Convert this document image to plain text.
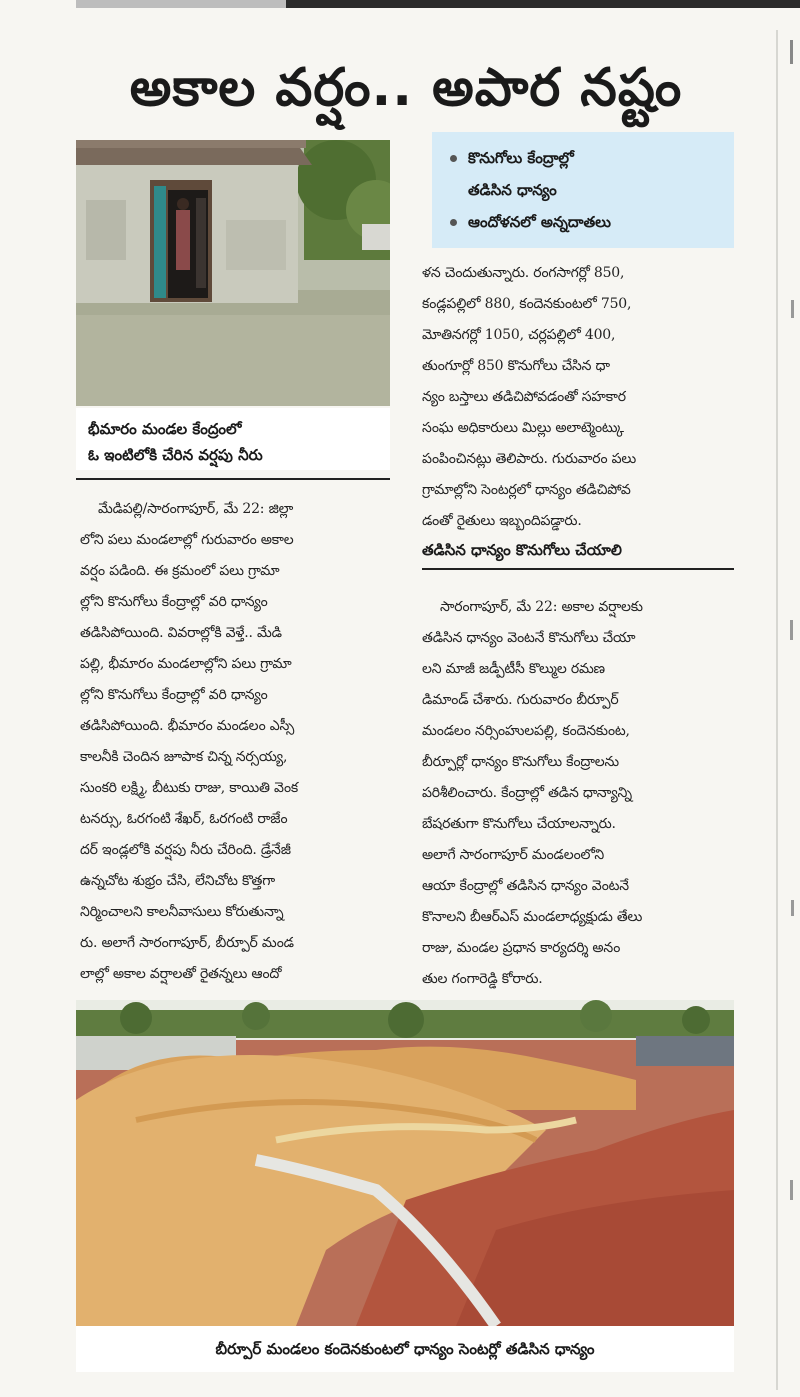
అకాల వర్షం.. అపార నష్టం
భీమారం మండల కేంద్రంలో
ఓ ఇంటిలోకి చేరిన వర్షపు నీరు
కొనుగోలు కేంద్రాల్లో
తడిసిన ధాన్యం
ఆందోళనలో అన్నదాతలు
మేడిపల్లి/సారంగాపూర్, మే 22: జిల్లా
లోని పలు మండలాల్లో గురువారం అకాల
వర్షం పడింది. ఈ క్రమంలో పలు గ్రామా
ల్లోని కొనుగోలు కేంద్రాల్లో వరి ధాన్యం
తడిసిపోయింది. వివరాల్లోకి వెళ్తే.. మేడి
పల్లి, భీమారం మండలాల్లోని పలు గ్రామా
ల్లోని కొనుగోలు కేంద్రాల్లో వరి ధాన్యం
తడిసిపోయింది. భీమారం మండలం ఎస్సీ
కాలనీకి చెందిన జూపాక చిన్న నర్సయ్య,
సుంకరి లక్ష్మి, బీటుకు రాజు, కాయితి వెంక
టనర్సు, ఓరగంటి శేఖర్, ఓరగంటి రాజేం
దర్ ఇండ్లలోకి వర్షపు నీరు చేరింది. డ్రేనేజీ
ఉన్నచోట శుభ్రం చేసి, లేనిచోట కొత్తగా
నిర్మించాలని కాలనీవాసులు కోరుతున్నా
రు. అలాగే సారంగాపూర్, బీర్పూర్ మండ
లాల్లో అకాల వర్షాలతో రైతన్నలు ఆందో
ళన చెందుతున్నారు. రంగసాగర్లో 850,
కండ్లపల్లిలో 880, కందెనకుంటలో 750,
మోతినగర్లో 1050, చర్లపల్లిలో 400,
తుంగూర్లో 850 కొనుగోలు చేసిన ధా
న్యం బస్తాలు తడిచిపోవడంతో సహకార
సంఘ అధికారులు మిల్లు అలాట్మెంట్కు
పంపించినట్లు తెలిపారు. గురువారం పలు
గ్రామాల్లోని సెంటర్లలో ధాన్యం తడిచిపోవ
డంతో రైతులు ఇబ్బందిపడ్డారు.
తడిసిన ధాన్యం కొనుగోలు చేయాలి
సారంగాపూర్, మే 22: అకాల వర్షాలకు
తడిసిన ధాన్యం వెంటనే కొనుగోలు చేయా
లని మాజీ జడ్పీటీసీ కొల్ముల రమణ
డిమాండ్ చేశారు. గురువారం బీర్పూర్
మండలం నర్సింహులపల్లి, కందెనకుంట,
బీర్పూర్లో ధాన్యం కొనుగోలు కేంద్రాలను
పరిశీలించారు. కేంద్రాల్లో తడిన ధాన్యాన్ని
బేషరతుగా కొనుగోలు చేయాలన్నారు.
అలాగే సారంగాపూర్ మండలంలోని
ఆయా కేంద్రాల్లో తడిసిన ధాన్యం వెంటనే
కొనాలని బీఆర్ఎస్ మండలాధ్యక్షుడు తేలు
రాజు, మండల ప్రధాన కార్యదర్శి అనం
తుల గంగారెడ్డి కోరారు.
బీర్పూర్ మండలం కందెనకుంటలో ధాన్యం సెంటర్లో తడిసిన ధాన్యం
